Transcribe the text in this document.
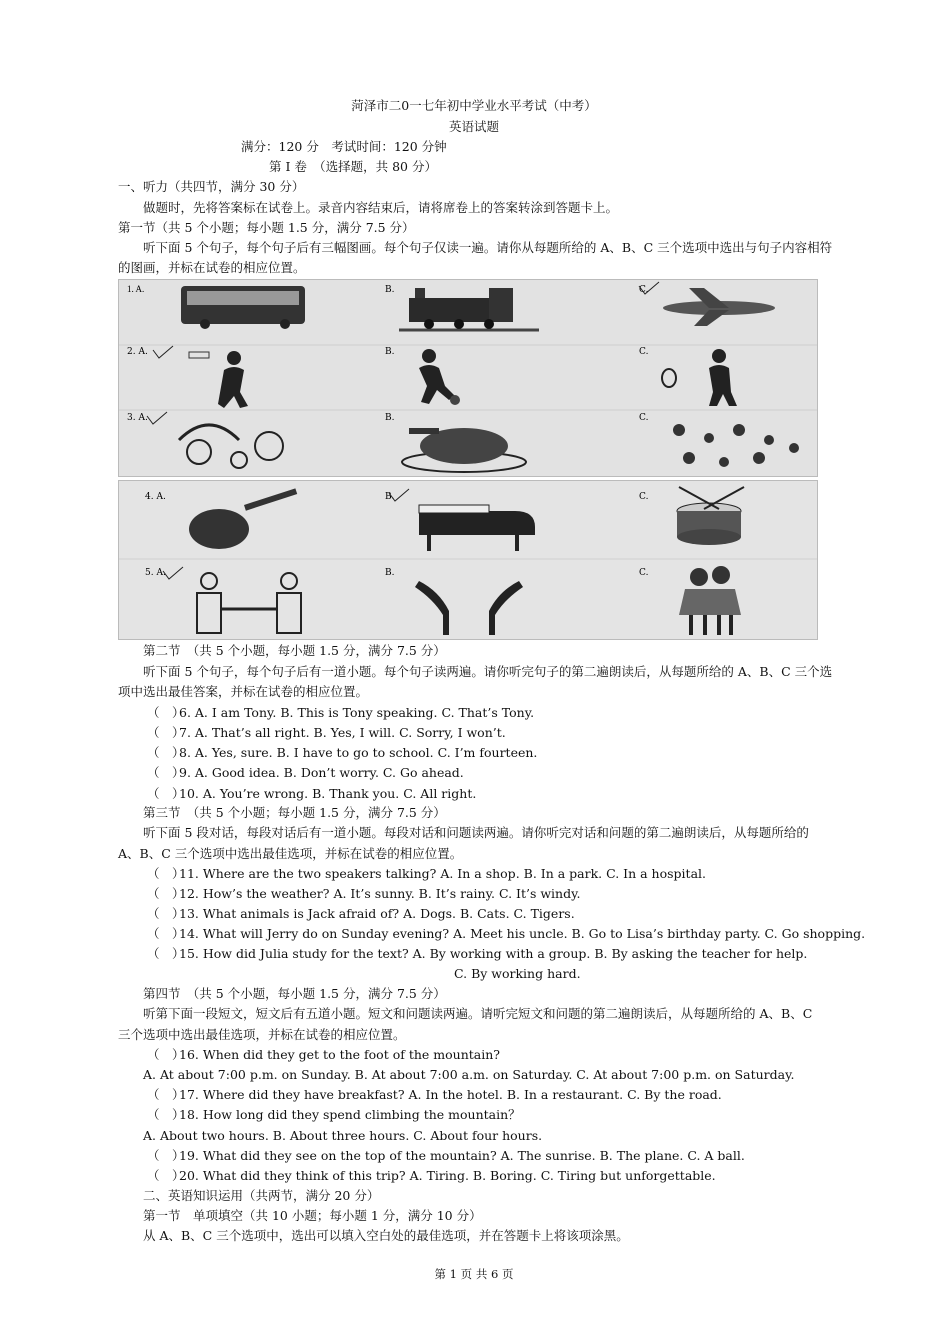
菏泽市二0一七年初中学业水平考试（中考）
英语试题
满分：120 分　考试时间：120 分钟
第 I 卷　（选择题，共 80 分）
一、听力（共四节，满分 30 分）
做题时，先将答案标在试卷上。录音内容结束后，请将席卷上的答案转涂到答题卡上。
第一节（共 5 个小题；每小题 1.5 分，满分 7.5 分）
听下面 5 个句子，每个句子后有三幅图画。每个句子仅读一遍。请你从每题所给的 A、B、C 三个选项中选出与句子内容相符
的图画，并标在试卷的相应位置。
1. A.	B.	C.
2. A.	B.	C.
3. A.	B.	C.
4. A.	B.	C.
5. A.	B.	C.
第二节　（共 5 个小题，每小题 1.5 分，满分 7.5 分）
听下面 5 个句子，每个句子后有一道小题。每个句子读两遍。请你听完句子的第二遍朗读后，从每题所给的 A、B、C 三个选
项中选出最佳答案，并标在试卷的相应位置。
（　）6. A. I am Tony. B. This is Tony speaking. C. That’s Tony.
（　）7. A. That’s all right. B. Yes, I will. C. Sorry, I won’t.
（　）8. A. Yes, sure. B. I have to go to school. C. I’m fourteen.
（　）9. A. Good idea. B. Don’t worry. C. Go ahead.
（　）10. A. You’re wrong. B. Thank you. C. All right.
第三节　（共 5 个小题；每小题 1.5 分，满分 7.5 分）
听下面 5 段对话，每段对话后有一道小题。每段对话和问题读两遍。请你听完对话和问题的第二遍朗读后，从每题所给的
A、B、C 三个选项中选出最佳选项，并标在试卷的相应位置。
（　）11. Where are the two speakers talking? A. In a shop. B. In a park. C. In a hospital.
（　）12. How’s the weather? A. It’s sunny. B. It’s rainy. C. It’s windy.
（　）13. What animals is Jack afraid of? A. Dogs. B. Cats. C. Tigers.
（　）14. What will Jerry do on Sunday evening? A. Meet his uncle. B. Go to Lisa’s birthday party. C. Go shopping.
（　）15. How did Julia study for the text? A. By working with a group. B. By asking the teacher for help.
C. By working hard.
第四节　（共 5 个小题，每小题 1.5 分，满分 7.5 分）
听第下面一段短文，短文后有五道小题。短文和问题读两遍。请听完短文和问题的第二遍朗读后，从每题所给的 A、B、C
三个选项中选出最佳选项，并标在试卷的相应位置。
（　）16. When did they get to the foot of the mountain?
A. At about 7:00 p.m. on Sunday. B. At about 7:00 a.m. on Saturday. C. At about 7:00 p.m. on Saturday.
（　）17. Where did they have breakfast? A. In the hotel. B. In a restaurant. C. By the road.
（　）18. How long did they spend climbing the mountain？
A. About two hours. B. About three hours. C. About four hours.
（　）19. What did they see on the top of the mountain? A. The sunrise. B. The plane. C. A ball.
（　）20. What did they think of this trip? A. Tiring. B. Boring. C. Tiring but unforgettable.
二、英语知识运用（共两节，满分 20 分）
第一节　单项填空（共 10 小题；每小题 1 分，满分 10 分）
从 A、B、C 三个选项中，选出可以填入空白处的最佳选项，并在答题卡上将该项涂黑。
第 1 页 共 6 页
